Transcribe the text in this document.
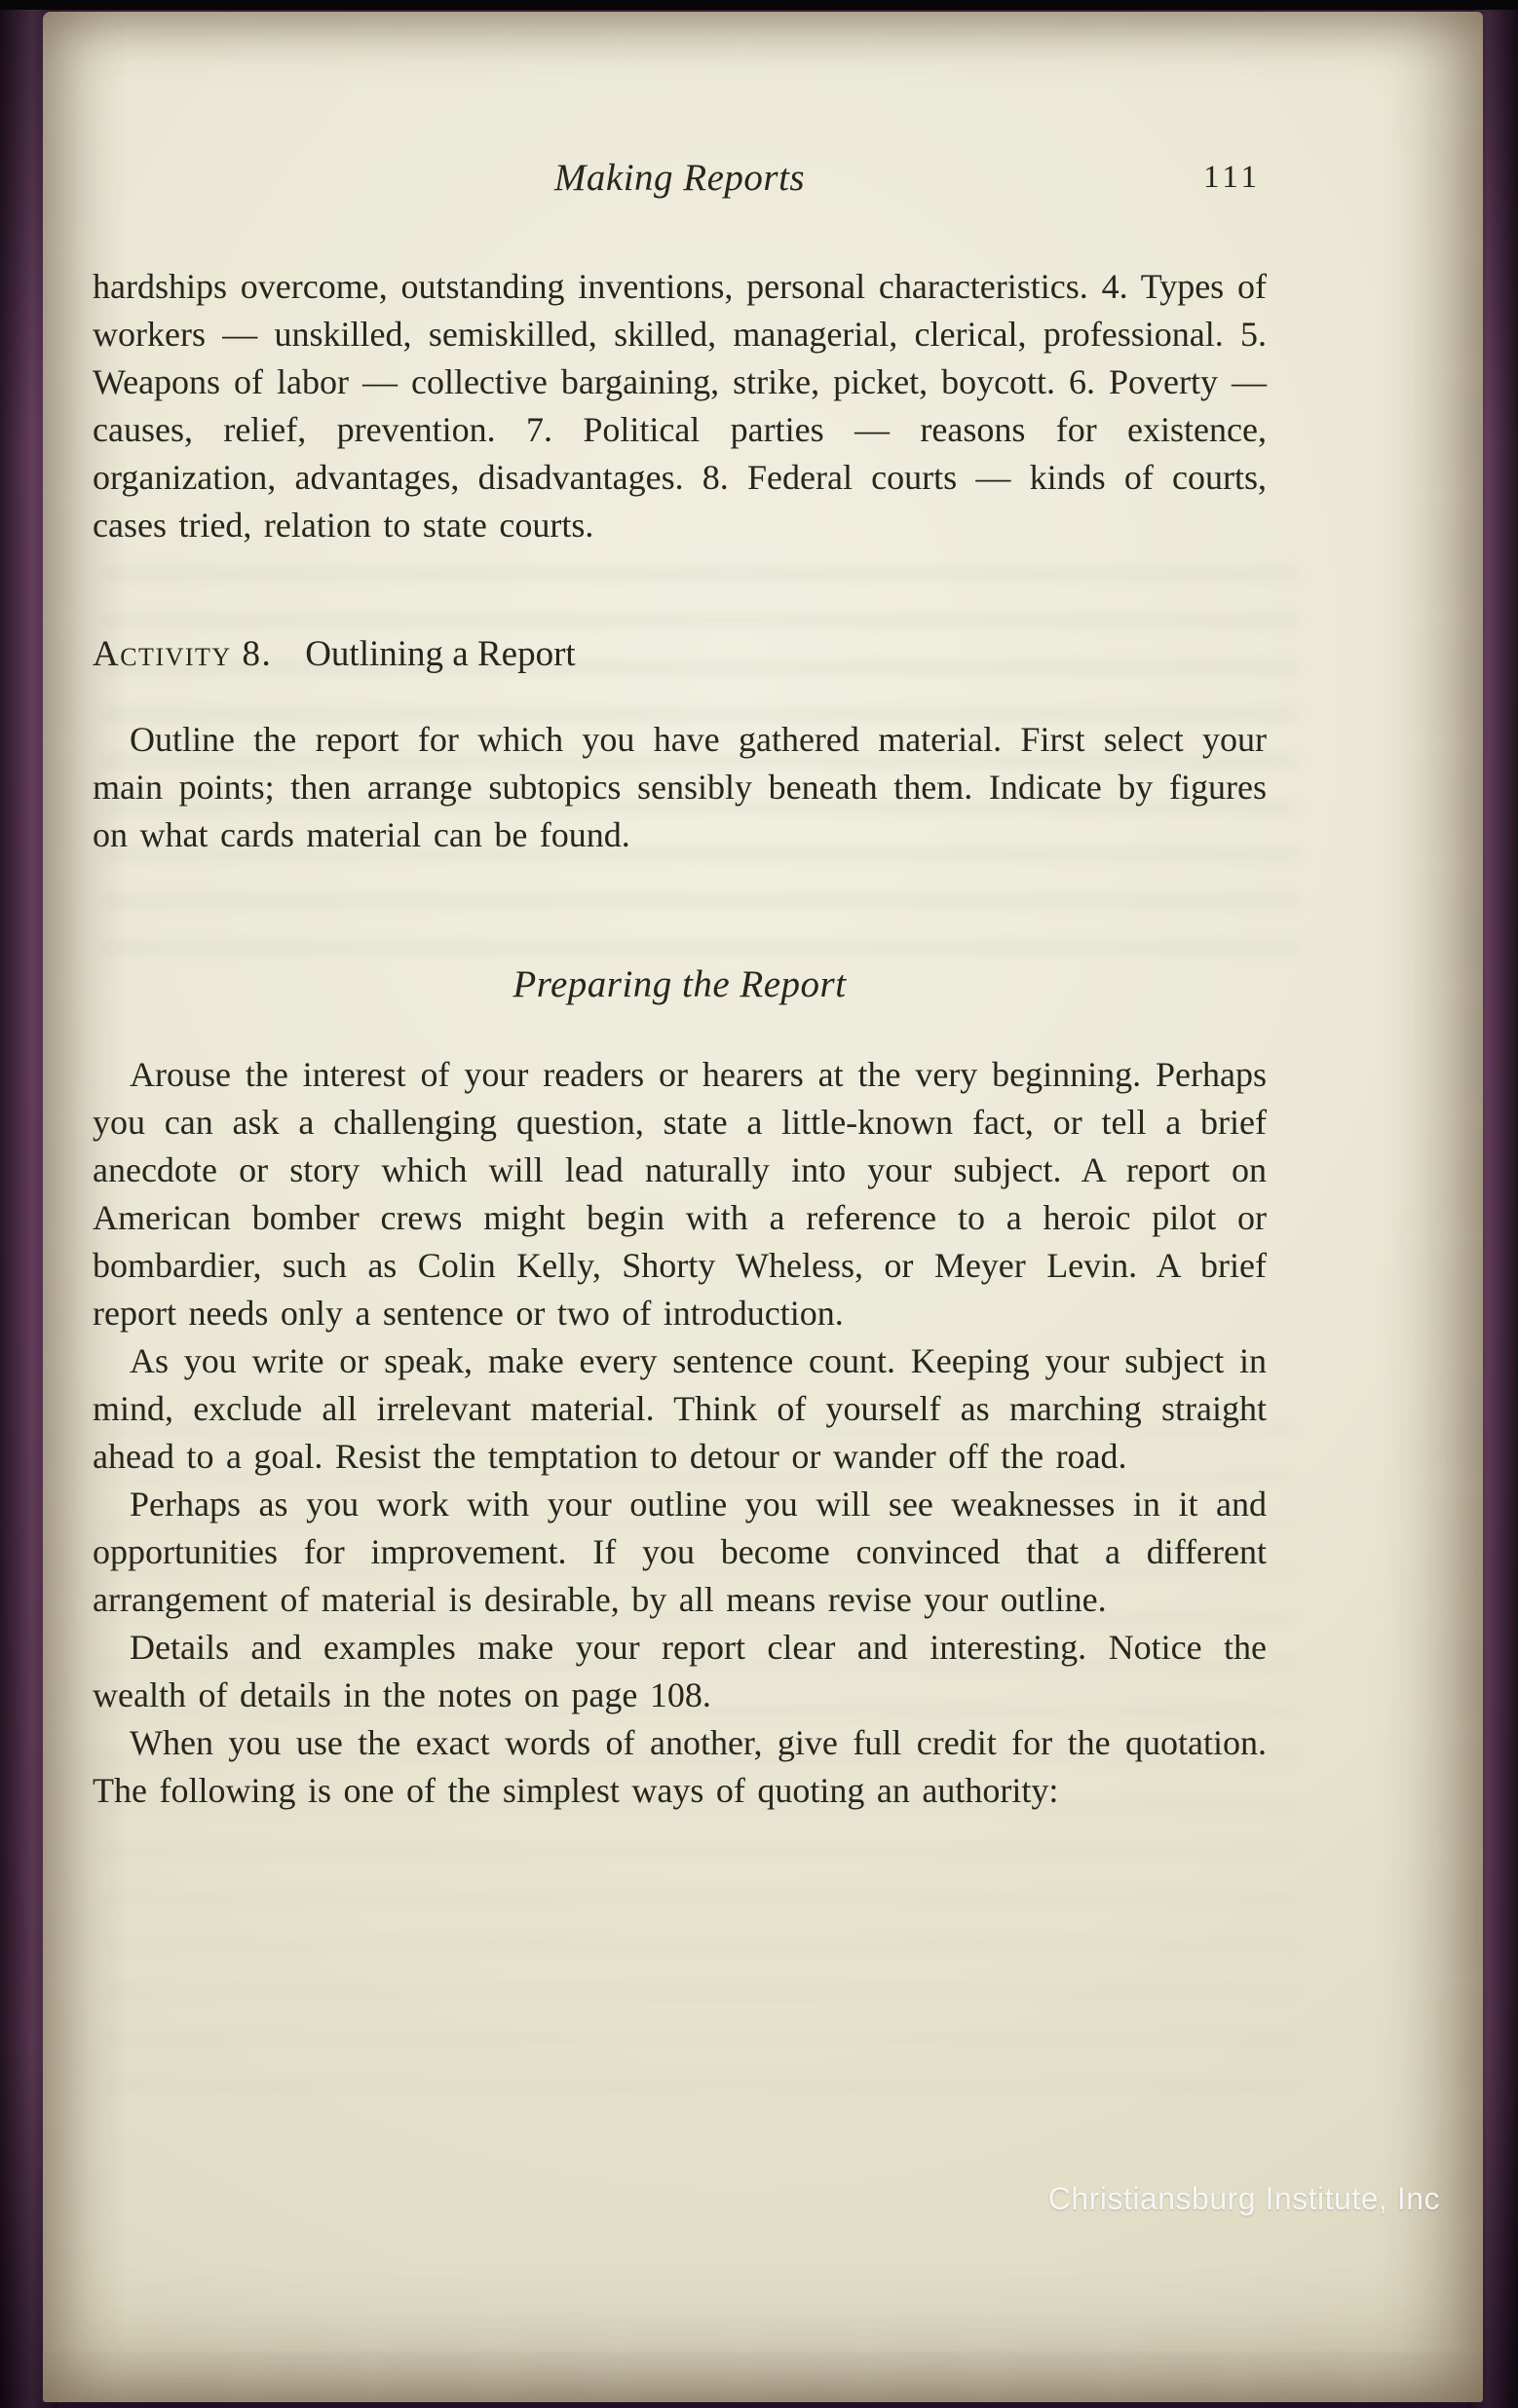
Making Reports	111

hardships overcome, outstanding inventions, personal characteristics. 4. Types of workers — unskilled, semiskilled, skilled, managerial, clerical, professional. 5. Weapons of labor — collective bargaining, strike, picket, boycott. 6. Poverty — causes, relief, prevention. 7. Political parties — reasons for existence, organization, advantages, disadvantages. 8. Federal courts — kinds of courts, cases tried, relation to state courts.

Activity 8. Outlining a Report

Outline the report for which you have gathered material. First select your main points; then arrange subtopics sensibly beneath them. Indicate by figures on what cards material can be found.

Preparing the Report

Arouse the interest of your readers or hearers at the very beginning. Perhaps you can ask a challenging question, state a little-known fact, or tell a brief anecdote or story which will lead naturally into your subject. A report on American bomber crews might begin with a reference to a heroic pilot or bombardier, such as Colin Kelly, Shorty Wheless, or Meyer Levin. A brief report needs only a sentence or two of introduction.

As you write or speak, make every sentence count. Keeping your subject in mind, exclude all irrelevant material. Think of yourself as marching straight ahead to a goal. Resist the temptation to detour or wander off the road.

Perhaps as you work with your outline you will see weaknesses in it and opportunities for improvement. If you become convinced that a different arrangement of material is desirable, by all means revise your outline.

Details and examples make your report clear and interesting. Notice the wealth of details in the notes on page 108.

When you use the exact words of another, give full credit for the quotation. The following is one of the simplest ways of quoting an authority:

Christiansburg Institute, Inc
